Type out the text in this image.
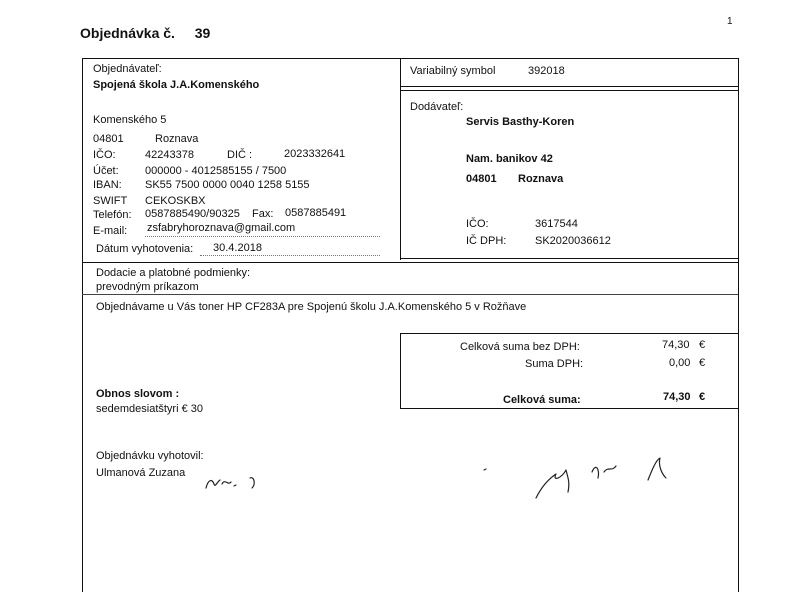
1
Objednávka č. 39
Variabilný symbol	392018
Dodávateľ:
Servis Basthy-Koren
Nam. banikov 42
04801 Roznava
IČO:	3617544
IČ DPH:	SK2020036612
Objednávateľ:
Spojená škola J.A.Komenského
Komenského 5
04801	Roznava
IČO:	42243378	DIČ :	2023332641
Účet: 000000 - 4012585155 / 7500
IBAN: SK55 7500 0000 0040 1258 5155
SWIFT CEKOSKBX
Telefón: 0587885490/90325 Fax: 0587885491
E-mail: zsfabryhoroznava@gmail.com
Dátum vyhotovenia: 30.4.2018
Dodacie a platobné podmienky:
prevodným príkazom
Objednávame u Vás toner HP CF283A pre Spojenú školu J.A.Komenského 5 v Rožňave
Celková suma bez DPH:	74,30 €
Suma DPH:	0,00 €
Celková suma:	74,30 €
Obnos slovom :
sedemdesiatštyri € 30
Objednávku vyhotovil:
Ulmanová Zuzana
